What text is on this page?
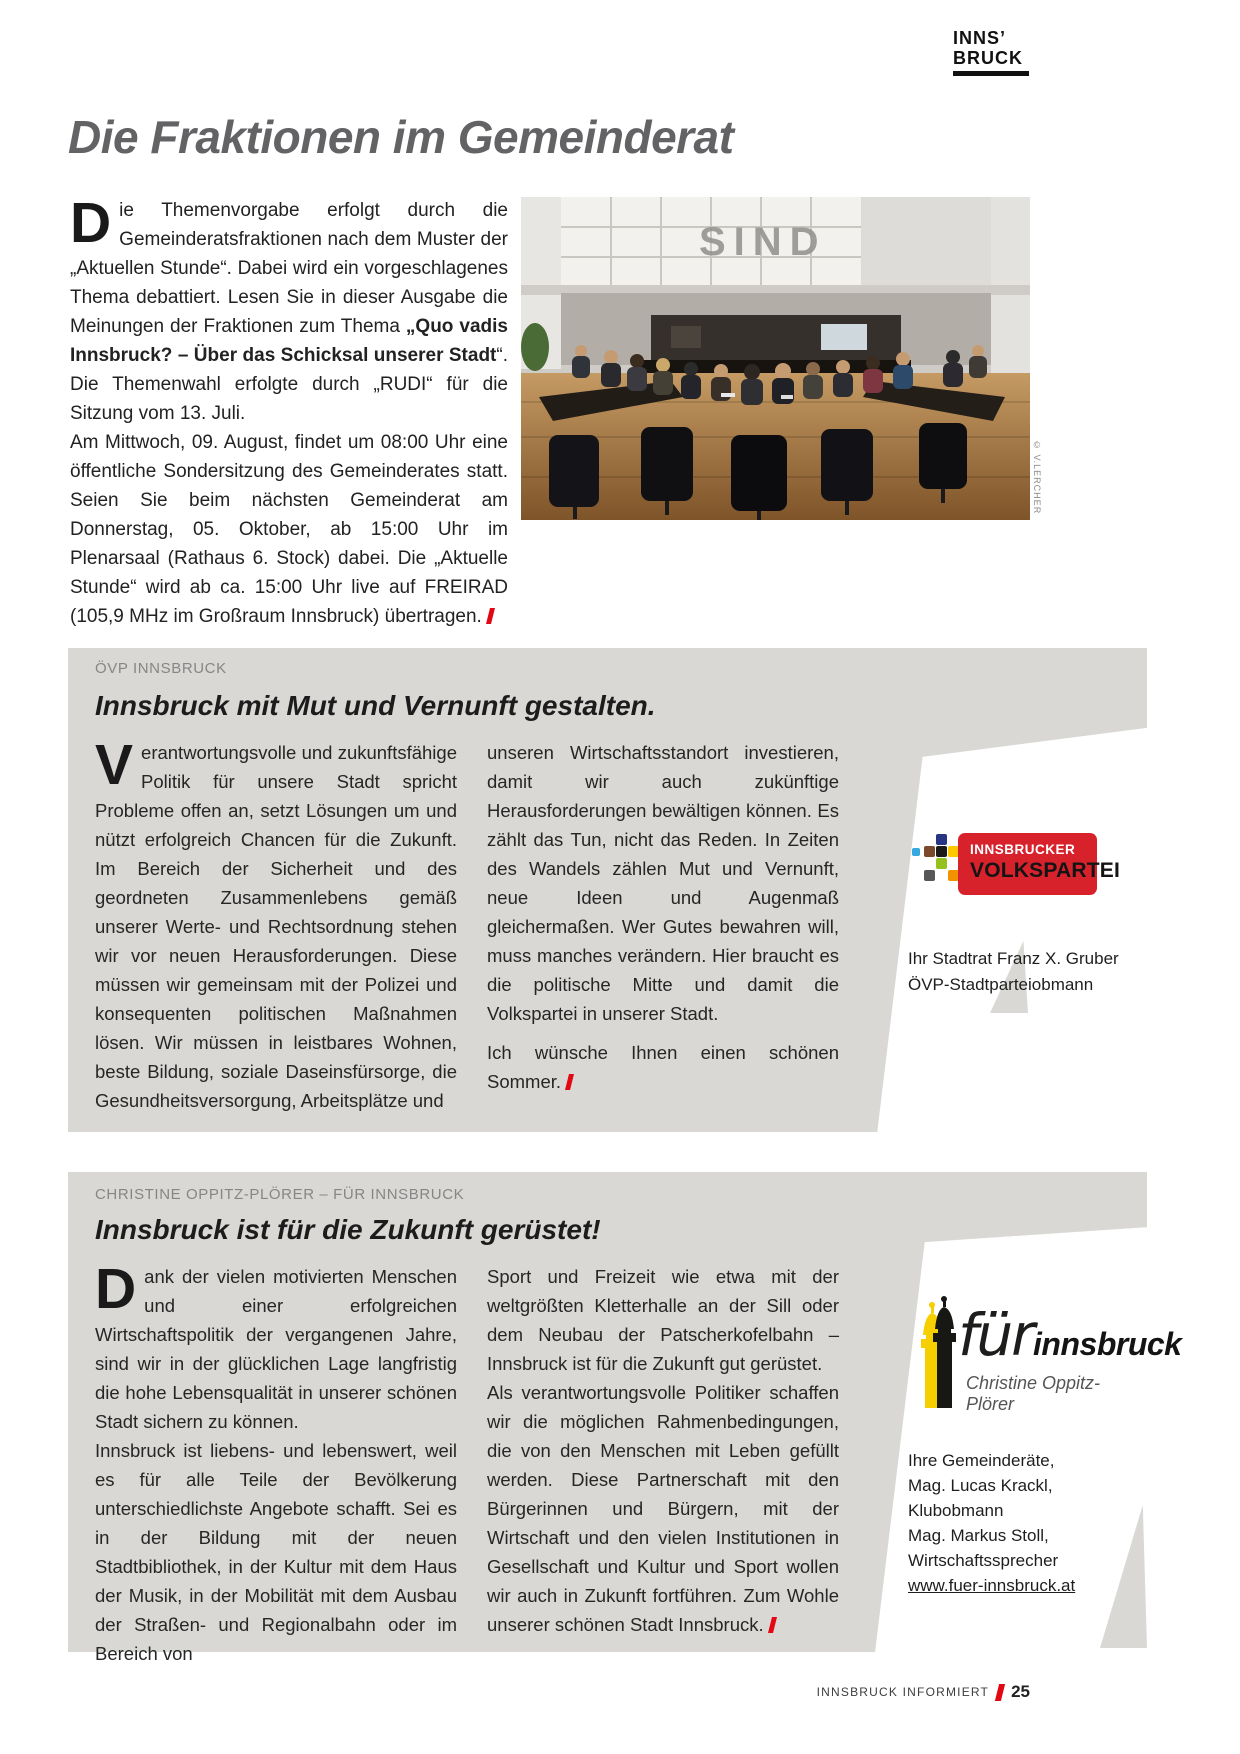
INNS’
BRUCK
Die Fraktionen im Gemeinderat
D ie Themenvorgabe erfolgt durch die Gemeinderatsfraktionen nach dem Muster der „Aktuellen Stunde“. Dabei wird ein vorgeschlagenes Thema debattiert. Lesen Sie in dieser Ausgabe die Meinungen der Fraktionen zum Thema „Quo vadis Innsbruck? – Über das Schicksal unserer Stadt“. Die Themenwahl erfolgte durch „RUDI“ für die Sitzung vom 13. Juli.

Am Mittwoch, 09. August, findet um 08:00 Uhr eine öffentliche Sondersitzung des Gemeinderates statt. Seien Sie beim nächsten Gemeinderat am Donnerstag, 05. Oktober, ab 15:00 Uhr im Plenarsaal (Rathaus 6. Stock) dabei. Die „Aktuelle Stunde“ wird ab ca. 15:00 Uhr live auf FREIRAD (105,9 MHz im Großraum Innsbruck) übertragen.

SIND
© V.LERCHER
ÖVP INNSBRUCK
Innsbruck mit Mut und Vernunft gestalten.
V erantwortungsvolle und zukunftsfähige Politik für unsere Stadt spricht Probleme offen an, setzt Lösungen um und nützt erfolgreich Chancen für die Zukunft. Im Bereich der Sicherheit und des geordneten Zusammenlebens gemäß unserer Werte- und Rechtsordnung stehen wir vor neuen Herausforderungen. Diese müssen wir gemeinsam mit der Polizei und konsequenten politischen Maßnahmen lösen. Wir müssen in leistbares Wohnen, beste Bildung, soziale Daseinsfürsorge, die Gesundheitsversorgung, Arbeitsplätze und

unseren Wirtschaftsstandort investieren, damit wir auch zukünftige Herausforderungen bewältigen können. Es zählt das Tun, nicht das Reden. In Zeiten des Wandels zählen Mut und Vernunft, neue Ideen und Augenmaß gleichermaßen. Wer Gutes bewahren will, muss manches verändern. Hier braucht es die politische Mitte und damit die Volkspartei in unserer Stadt.

Ich wünsche Ihnen einen schönen Sommer.

INNSBRUCKER
VOLKSPARTEI
Ihr Stadtrat Franz X. Gruber
ÖVP-Stadtparteiobmann
CHRISTINE OPPITZ-PLÖRER – FÜR INNSBRUCK
Innsbruck ist für die Zukunft gerüstet!
D ank der vielen motivierten Menschen und einer erfolgreichen Wirtschaftspolitik der vergangenen Jahre, sind wir in der glücklichen Lage langfristig die hohe Lebensqualität in unserer schönen Stadt sichern zu können.

Innsbruck ist liebens- und lebenswert, weil es für alle Teile der Bevölkerung unterschiedlichste Angebote schafft. Sei es in der Bildung mit der neuen Stadtbibliothek, in der Kultur mit dem Haus der Musik, in der Mobilität mit dem Ausbau der Straßen- und Regionalbahn oder im Bereich von

Sport und Freizeit wie etwa mit der weltgrößten Kletterhalle an der Sill oder dem Neubau der Patscherkofelbahn – Innsbruck ist für die Zukunft gut gerüstet.

Als verantwortungsvolle Politiker schaffen wir die möglichen Rahmenbedingungen, die von den Menschen mit Leben gefüllt werden. Diese Partnerschaft mit den Bürgerinnen und Bürgern, mit der Wirtschaft und den vielen Institutionen in Gesellschaft und Kultur und Sport wollen wir auch in Zukunft fortführen. Zum Wohle unserer schönen Stadt Innsbruck.

fürinnsbruck
Christine Oppitz-Plörer
Ihre Gemeinderäte,
Mag. Lucas Krackl,
Klubobmann
Mag. Markus Stoll,
Wirtschaftssprecher
www.fuer-innsbruck.at
INNSBRUCK INFORMIERT 25
